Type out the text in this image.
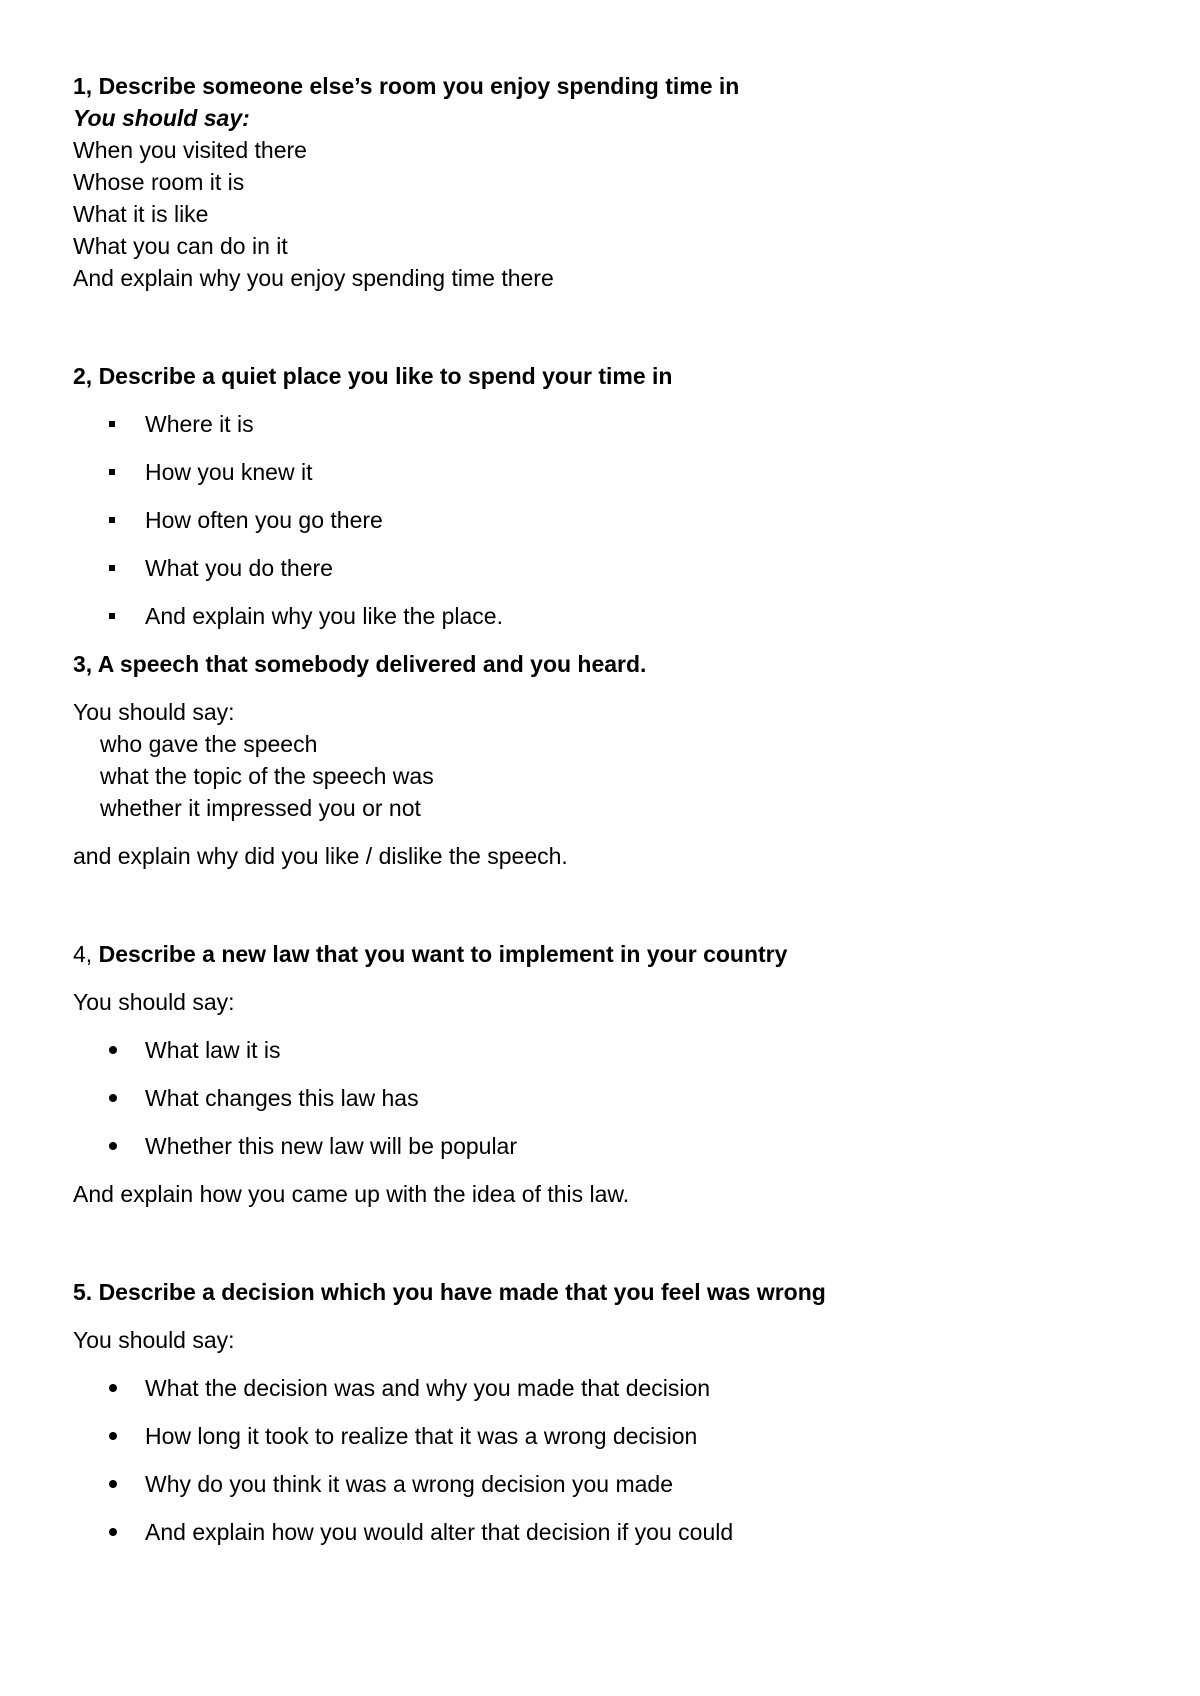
1, Describe someone else’s room you enjoy spending time in

You should say:

When you visited there

Whose room it is

What it is like

What you can do in it

And explain why you enjoy spending time there

2, Describe a quiet place you like to spend your time in

Where it is
How you knew it
How often you go there
What you do there
And explain why you like the place.

3, A speech that somebody delivered and you heard.

You should say:

who gave the speech

what the topic of the speech was

whether it impressed you or not

and explain why did you like / dislike the speech.

4, Describe a new law that you want to implement in your country

You should say:

What law it is
What changes this law has
Whether this new law will be popular

And explain how you came up with the idea of this law.

5. Describe a decision which you have made that you feel was wrong

You should say:

What the decision was and why you made that decision
How long it took to realize that it was a wrong decision
Why do you think it was a wrong decision you made
And explain how you would alter that decision if you could
